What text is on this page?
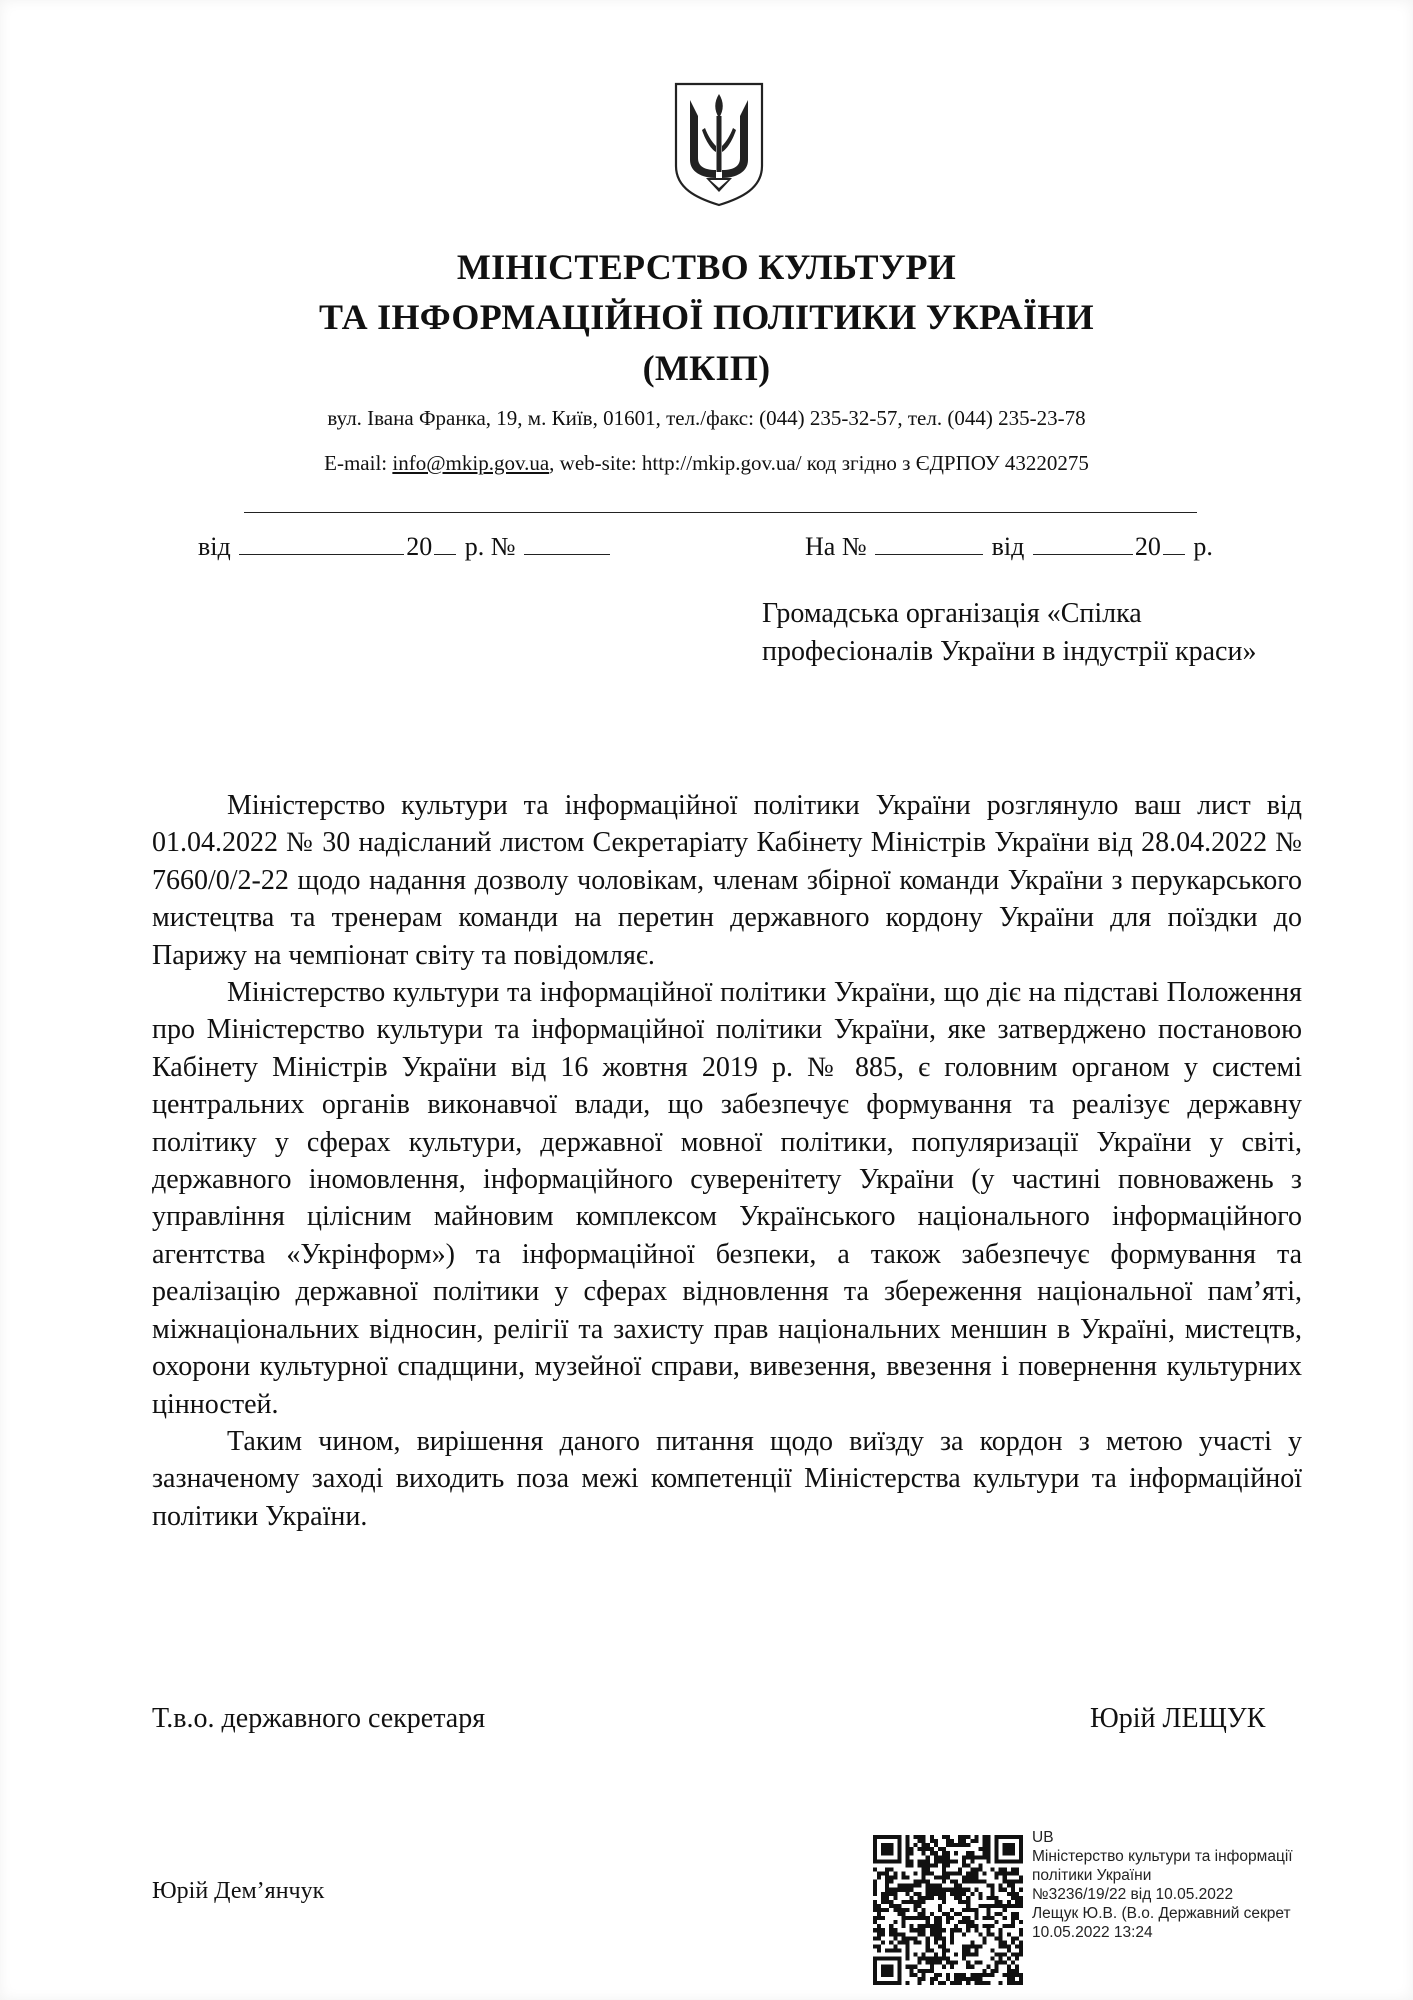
МІНІСТЕРСТВО КУЛЬТУРИ
ТА ІНФОРМАЦІЙНОЇ ПОЛІТИКИ УКРАЇНИ
(МКІП)
вул. Івана Франка, 19, м. Київ, 01601, тел./факс: (044) 235-32-57, тел. (044) 235-23-78
E-mail: info@mkip.gov.ua, web-site: http://mkip.gov.ua/ код згідно з ЄДРПОУ 43220275
від	20 р. №	На №	від	20 р.
Громадська організація «Спілка професіоналів України в індустрії краси»

Міністерство культури та інформаційної політики України розглянуло ваш лист від 01.04.2022 № 30 надісланий листом Секретаріату Кабінету Міністрів України від 28.04.2022 № 7660/0/2-22 щодо надання дозволу чоловікам, членам збірної команди України з перукарського мистецтва та тренерам команди на перетин державного кордону України для поїздки до Парижу на чемпіонат світу та повідомляє.

Міністерство культури та інформаційної політики України, що діє на підставі Положення про Міністерство культури та інформаційної політики України, яке затверджено постановою Кабінету Міністрів України від 16 жовтня 2019 р. № 885, є головним органом у системі центральних органів виконавчої влади, що забезпечує формування та реалізує державну політику у сферах культури, державної мовної політики, популяризації України у світі, державного іномовлення, інформаційного суверенітету України (у частині повноважень з управління цілісним майновим комплексом Українського національного інформаційного агентства «Укрінформ») та інформаційної безпеки, а також забезпечує формування та реалізацію державної політики у сферах відновлення та збереження національної пам’яті, міжнаціональних відносин, релігії та захисту прав національних меншин в Україні, мистецтв, охорони культурної спадщини, музейної справи, вивезення, ввезення і повернення культурних цінностей.

Таким чином, вирішення даного питання щодо виїзду за кордон з метою участі у зазначеному заході виходить поза межі компетенції Міністерства культури та інформаційної політики України.

Т.в.о. державного секретаря	Юрій ЛЕЩУК
Юрій Дем’янчук
UB
Міністерство культури та інформації
політики України
№3236/19/22 від 10.05.2022
Лещук Ю.В. (В.о. Державний секрет
10.05.2022 13:24
